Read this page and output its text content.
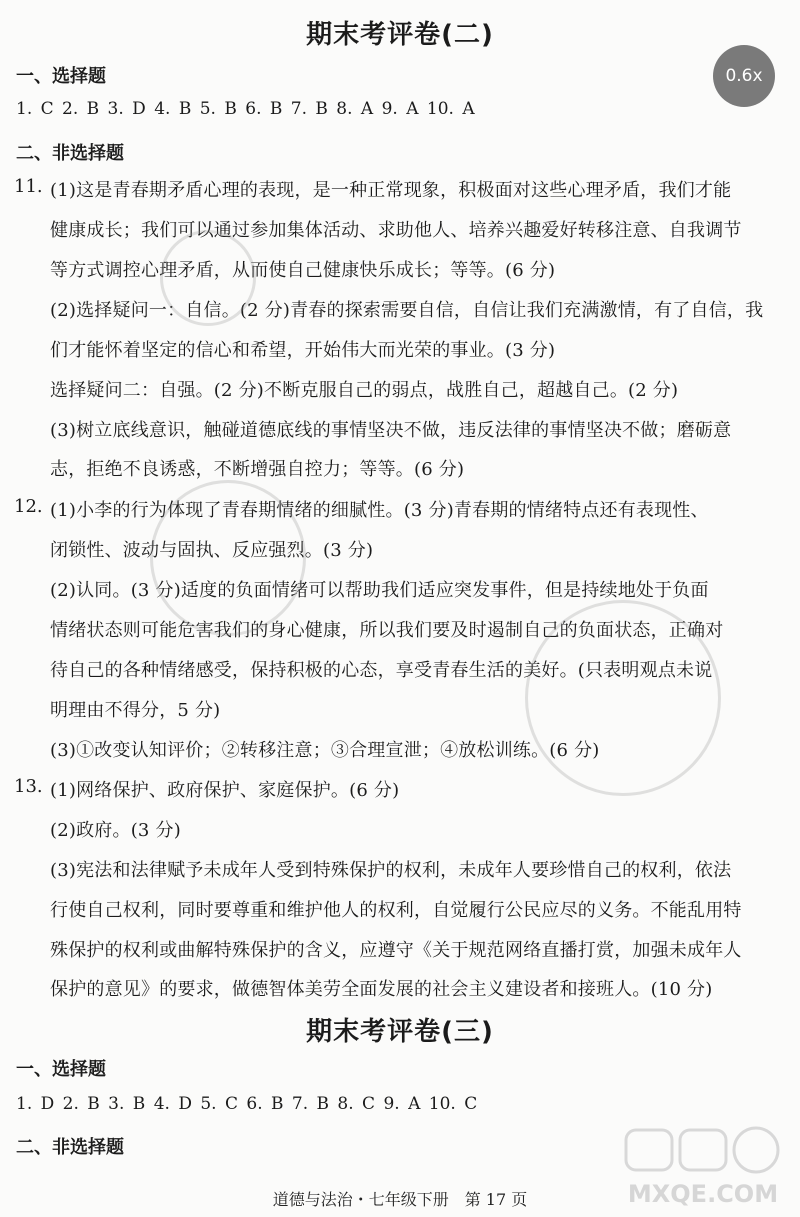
0.6x
期末考评卷(二)
一、选择题
1. C 2. B 3. D 4. B 5. B 6. B 7. B 8. A 9. A 10. A
二、非选择题
11. (1)这是青春期矛盾心理的表现，是一种正常现象，积极面对这些心理矛盾，我们才能
健康成长；我们可以通过参加集体活动、求助他人、培养兴趣爱好转移注意、自我调节
等方式调控心理矛盾，从而使自己健康快乐成长；等等。(6 分)
(2)选择疑问一：自信。(2 分)青春的探索需要自信，自信让我们充满激情，有了自信，我
们才能怀着坚定的信心和希望，开始伟大而光荣的事业。(3 分)
选择疑问二：自强。(2 分)不断克服自己的弱点，战胜自己，超越自己。(2 分)
(3)树立底线意识，触碰道德底线的事情坚决不做，违反法律的事情坚决不做；磨砺意
志，拒绝不良诱惑，不断增强自控力；等等。(6 分)
12. (1)小李的行为体现了青春期情绪的细腻性。(3 分)青春期的情绪特点还有表现性、
闭锁性、波动与固执、反应强烈。(3 分)
(2)认同。(3 分)适度的负面情绪可以帮助我们适应突发事件，但是持续地处于负面
情绪状态则可能危害我们的身心健康，所以我们要及时遏制自己的负面状态，正确对
待自己的各种情绪感受，保持积极的心态，享受青春生活的美好。(只表明观点未说
明理由不得分，5 分)
(3)①改变认知评价；②转移注意；③合理宣泄；④放松训练。(6 分)
13. (1)网络保护、政府保护、家庭保护。(6 分)
(2)政府。(3 分)
(3)宪法和法律赋予未成年人受到特殊保护的权利，未成年人要珍惜自己的权利，依法
行使自己权利，同时要尊重和维护他人的权利，自觉履行公民应尽的义务。不能乱用特
殊保护的权利或曲解特殊保护的含义，应遵守《关于规范网络直播打赏，加强未成年人
保护的意见》的要求，做德智体美劳全面发展的社会主义建设者和接班人。(10 分)
期末考评卷(三)
一、选择题
1. D 2. B 3. B 4. D 5. C 6. B 7. B 8. C 9. A 10. C
二、非选择题
MXQE.COM
道德与法治・七年级下册　第 17 页
